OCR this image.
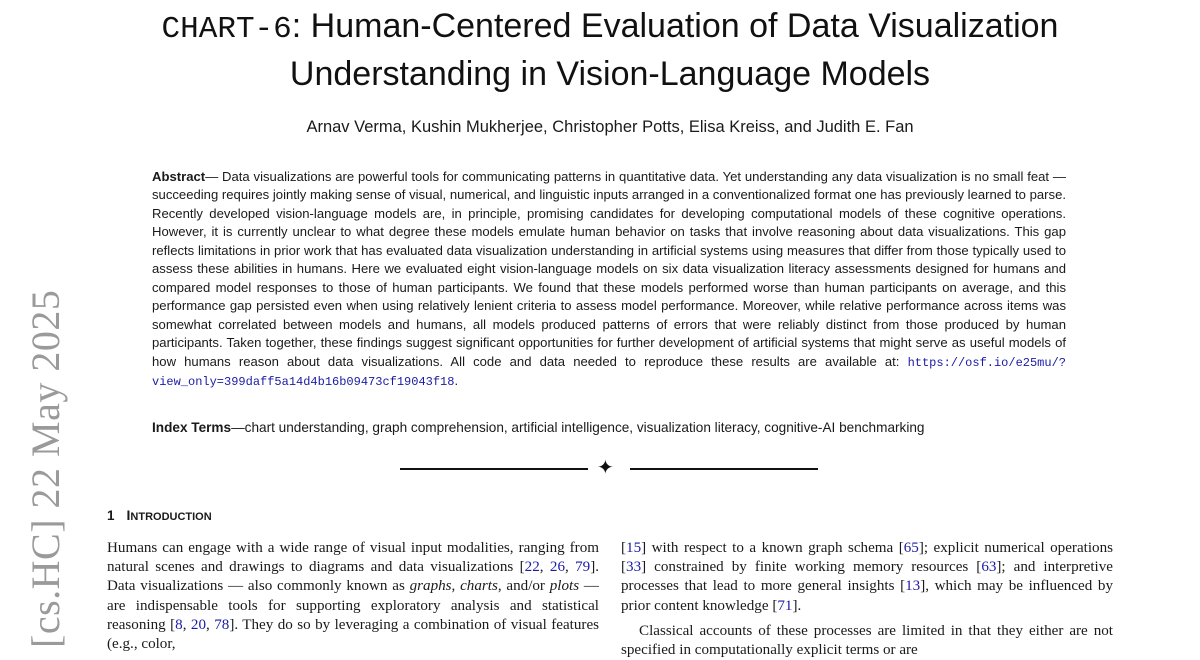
[cs.HC] 22 May 2025
CHART-6: Human-Centered Evaluation of Data Visualization Understanding in Vision-Language Models
Arnav Verma, Kushin Mukherjee, Christopher Potts, Elisa Kreiss, and Judith E. Fan

Abstract— Data visualizations are powerful tools for communicating patterns in quantitative data. Yet understanding any data visualization is no small feat — succeeding requires jointly making sense of visual, numerical, and linguistic inputs arranged in a conventionalized format one has previously learned to parse. Recently developed vision-language models are, in principle, promising candidates for developing computational models of these cognitive operations. However, it is currently unclear to what degree these models emulate human behavior on tasks that involve reasoning about data visualizations. This gap reflects limitations in prior work that has evaluated data visualization understanding in artificial systems using measures that differ from those typically used to assess these abilities in humans. Here we evaluated eight vision-language models on six data visualization literacy assessments designed for humans and compared model responses to those of human participants. We found that these models performed worse than human participants on average, and this performance gap persisted even when using relatively lenient criteria to assess model performance. Moreover, while relative performance across items was somewhat correlated between models and humans, all models produced patterns of errors that were reliably distinct from those produced by human participants. Taken together, these findings suggest significant opportunities for further development of artificial systems that might serve as useful models of how humans reason about data visualizations. All code and data needed to reproduce these results are available at: https://osf.io/e25mu/?view_only=399daff5a14d4b16b09473cf19043f18.

Index Terms—chart understanding, graph comprehension, artificial intelligence, visualization literacy, cognitive-AI benchmarking

✦
1 INTRODUCTION

Humans can engage with a wide range of visual input modalities, ranging from natural scenes and drawings to diagrams and data visualizations [22, 26, 79]. Data visualizations — also commonly known as graphs, charts, and/or plots — are indispensable tools for supporting exploratory analysis and statistical reasoning [8, 20, 78]. They do so by leveraging a combination of visual features (e.g., color,

[15] with respect to a known graph schema [65]; explicit numerical operations [33] constrained by finite working memory resources [63]; and interpretive processes that lead to more general insights [13], which may be influenced by prior content knowledge [71].

Classical accounts of these processes are limited in that they either are not specified in computationally explicit terms or are
